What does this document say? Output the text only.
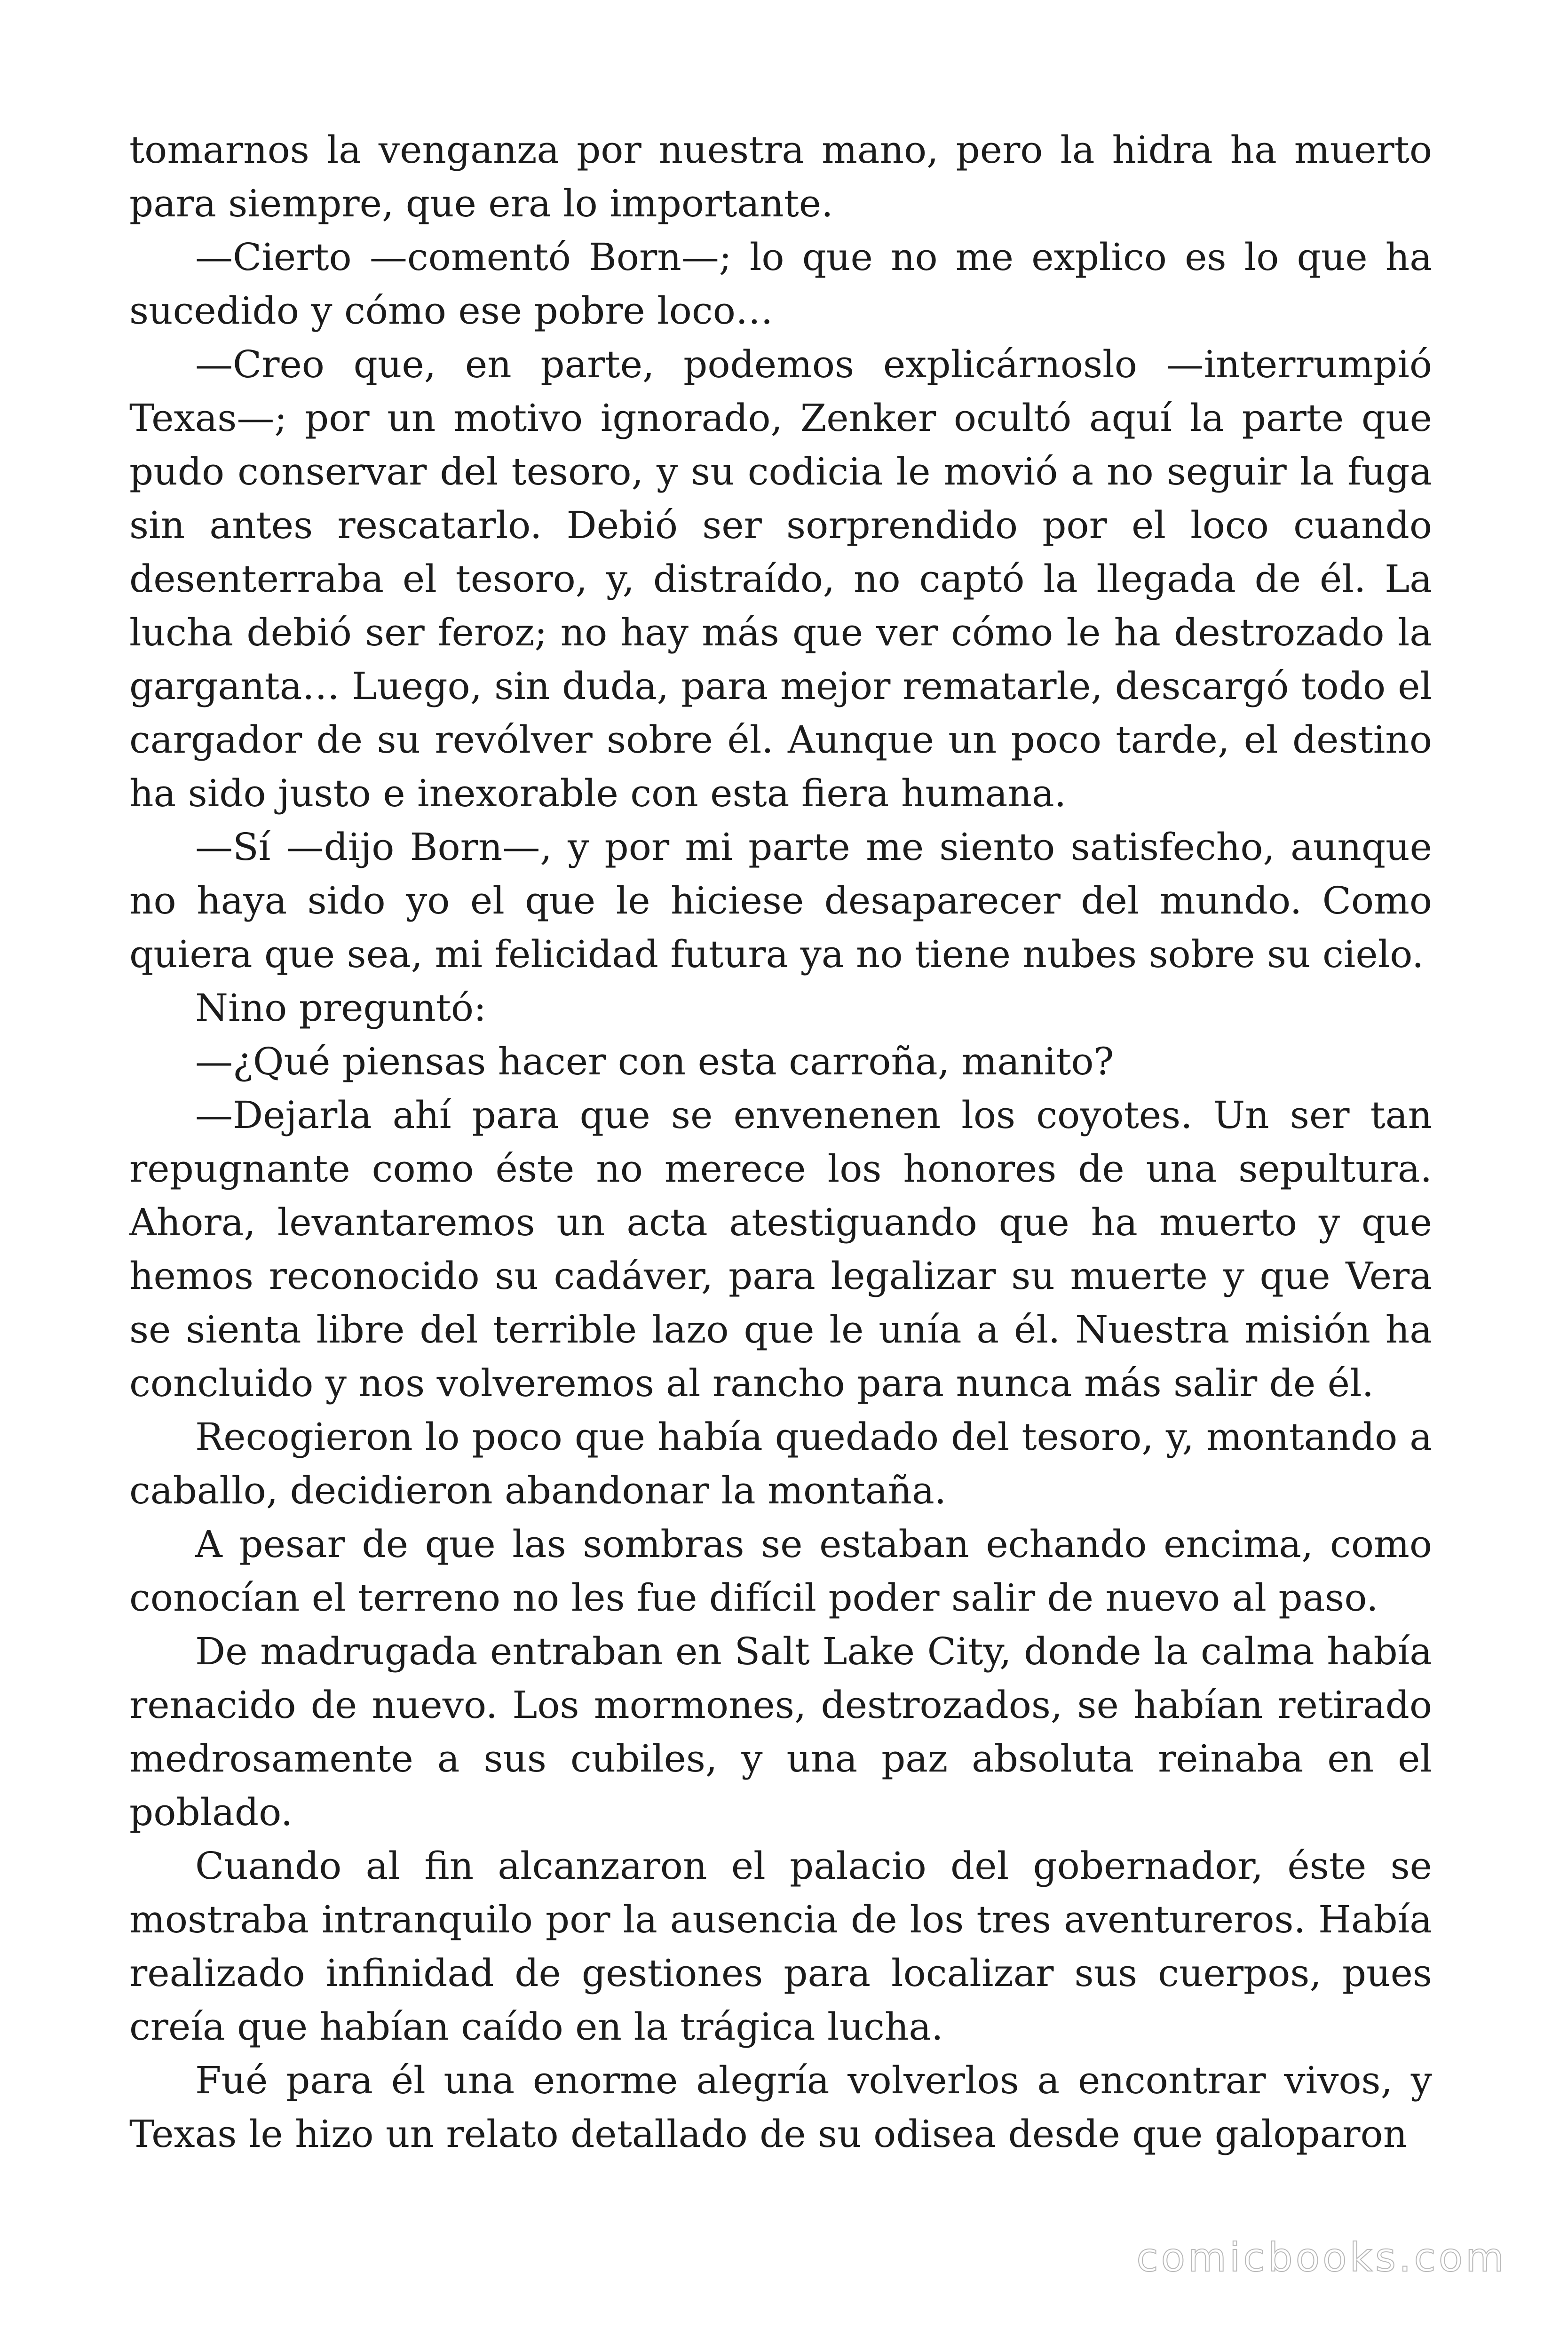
tomarnos la venganza por nuestra mano, pero la hidra ha muerto para siempre, que era lo importante.

—Cierto —comentó Born—; lo que no me explico es lo que ha sucedido y cómo ese pobre loco…

—Creo que, en parte, podemos explicárnoslo —interrumpió Texas—; por un motivo ignorado, Zenker ocultó aquí la parte que pudo conservar del tesoro, y su codicia le movió a no seguir la fuga sin antes rescatarlo. Debió ser sorprendido por el loco cuando desenterraba el tesoro, y, distraído, no captó la llegada de él. La lucha debió ser feroz; no hay más que ver cómo le ha destrozado la garganta… Luego, sin duda, para mejor rematarle, descargó todo el cargador de su revólver sobre él. Aunque un poco tarde, el destino ha sido justo e inexorable con esta fiera humana.

—Sí —dijo Born—, y por mi parte me siento satisfecho, aunque no haya sido yo el que le hiciese desaparecer del mundo. Como quiera que sea, mi felicidad futura ya no tiene nubes sobre su cielo.

Nino preguntó:

—¿Qué piensas hacer con esta carroña, manito?

—Dejarla ahí para que se envenenen los coyotes. Un ser tan repugnante como éste no merece los honores de una sepultura. Ahora, levantaremos un acta atestiguando que ha muerto y que hemos reconocido su cadáver, para legalizar su muerte y que Vera se sienta libre del terrible lazo que le unía a él. Nuestra misión ha concluido y nos volveremos al rancho para nunca más salir de él.

Recogieron lo poco que había quedado del tesoro, y, montando a caballo, decidieron abandonar la montaña.

A pesar de que las sombras se estaban echando encima, como conocían el terreno no les fue difícil poder salir de nuevo al paso.

De madrugada entraban en Salt Lake City, donde la calma había renacido de nuevo. Los mormones, destrozados, se habían retirado medrosamente a sus cubiles, y una paz absoluta reinaba en el poblado.

Cuando al fin alcanzaron el palacio del gobernador, éste se mostraba intranquilo por la ausencia de los tres aventureros. Había realizado infinidad de gestiones para localizar sus cuerpos, pues creía que habían caído en la trágica lucha.

Fué para él una enorme alegría volverlos a encontrar vivos, y Texas le hizo un relato detallado de su odisea desde que galoparon

comicbooks.com
